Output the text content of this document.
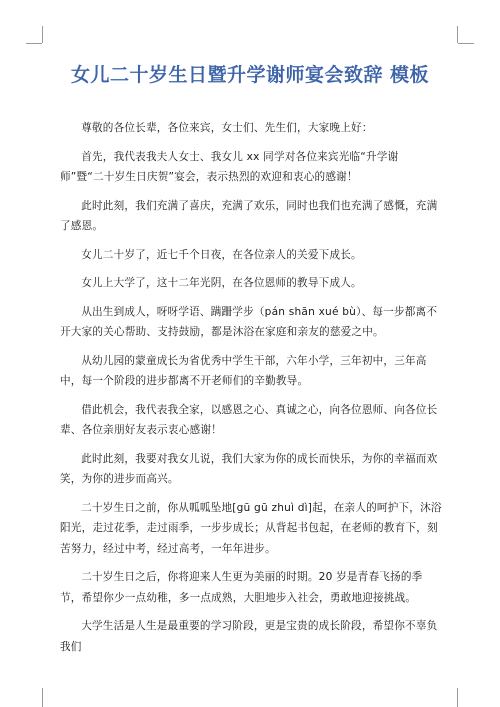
女儿二十岁生日暨升学谢师宴会致辞 模板

尊敬的各位长辈，各位来宾，女士们、先生们，大家晚上好：

首先，我代表我夫人女士、我女儿 xx 同学对各位来宾光临“升学谢师”暨“二十岁生日庆贺”宴会，表示热烈的欢迎和衷心的感谢！

此时此刻，我们充满了喜庆，充满了欢乐，同时也我们也充满了感慨，充满了感恩。

女儿二十岁了，近七千个日夜，在各位亲人的关爱下成长。

女儿上大学了，这十二年光阴，在各位恩师的教导下成人。

从出生到成人，呀呀学语、蹒跚学步（pán shān xué bù）、每一步都离不开大家的关心帮助、支持鼓励，都是沐浴在家庭和亲友的慈爱之中。

从幼儿园的蒙童成长为省优秀中学生干部，六年小学，三年初中，三年高中，每一个阶段的进步都离不开老师们的辛勤教导。

借此机会，我代表我全家，以感恩之心、真诚之心，向各位恩师、向各位长辈、各位亲朋好友表示衷心感谢！

此时此刻，我要对我女儿说，我们大家为你的成长而快乐，为你的幸福而欢笑，为你的进步而高兴。

二十岁生日之前，你从呱呱坠地[gū gū zhuì dì]起，在亲人的呵护下，沐浴阳光，走过花季，走过雨季，一步步成长；从背起书包起，在老师的教育下，刻苦努力，经过中考，经过高考，一年年进步。

二十岁生日之后，你将迎来人生更为美丽的时期。20 岁是青春飞扬的季节，希望你少一点幼稚，多一点成熟，大胆地步入社会，勇敢地迎接挑战。

大学生活是人生是最重要的学习阶段，更是宝贵的成长阶段，希望你不辜负我们
